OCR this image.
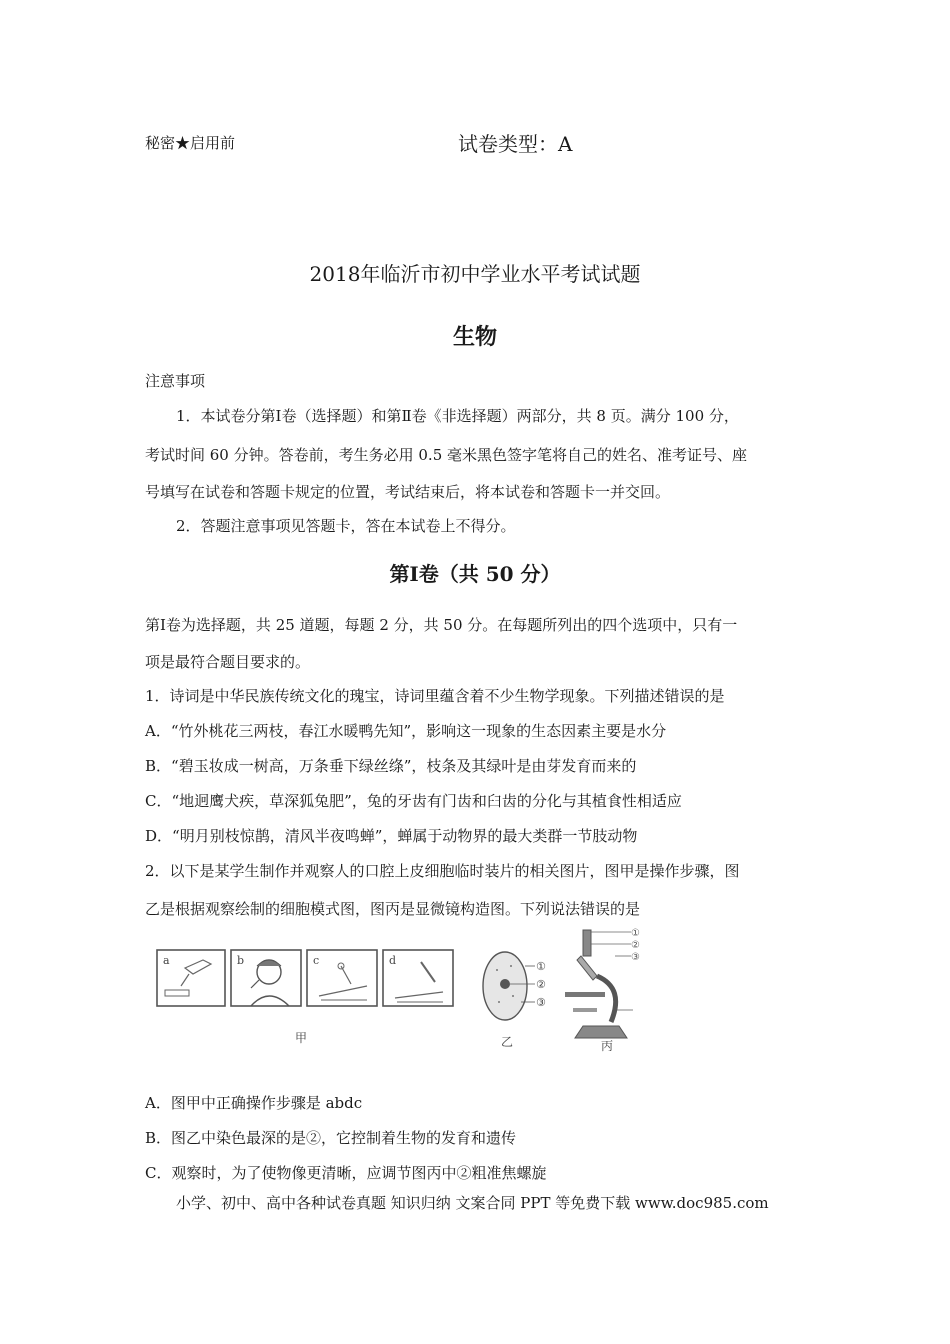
秘密★启用前	试卷类型：A
2018年临沂市初中学业水平考试试题
生物
注意事项
1．本试卷分第Ⅰ卷（选择题）和第Ⅱ卷《非选择题）两部分，共 8 页。满分 100 分，
考试时间 60 分钟。答卷前，考生务必用 0.5 毫米黑色签字笔将自己的姓名、准考证号、座
号填写在试卷和答题卡规定的位置，考试结束后，将本试卷和答题卡一并交回。
2．答题注意事项见答题卡，答在本试卷上不得分。
第Ⅰ卷（共 50 分）
第Ⅰ卷为选择题，共 25 道题，每题 2 分，共 50 分。在每题所列出的四个选项中，只有一
项是最符合题目要求的。
1．诗词是中华民族传统文化的瑰宝，诗词里蕴含着不少生物学现象。下列描述错误的是
A．“竹外桃花三两枝，春江水暖鸭先知”，影响这一现象的生态因素主要是水分
B．“碧玉妆成一树高，万条垂下绿丝绦”，枝条及其绿叶是由芽发育而来的
C．“地迥鹰犬疾，草深狐兔肥”，兔的牙齿有门齿和臼齿的分化与其植食性相适应
D．“明月别枝惊鹊，清风半夜鸣蝉”，蝉属于动物界的最大类群一节肢动物
2．以下是某学生制作并观察人的口腔上皮细胞临时装片的相关图片，图甲是操作步骤，图
乙是根据观察绘制的细胞模式图，图丙是显微镜构造图。下列说法错误的是
a	b	c	d
甲
①
②
③
乙
①
②
③
丙
A．图甲中正确操作步骤是 abdc
B．图乙中染色最深的是②，它控制着生物的发育和遗传
C．观察时，为了使物像更清晰，应调节图丙中②粗准焦螺旋
小学、初中、高中各种试卷真题 知识归纳 文案合同 PPT 等免费下载 www.doc985.com
